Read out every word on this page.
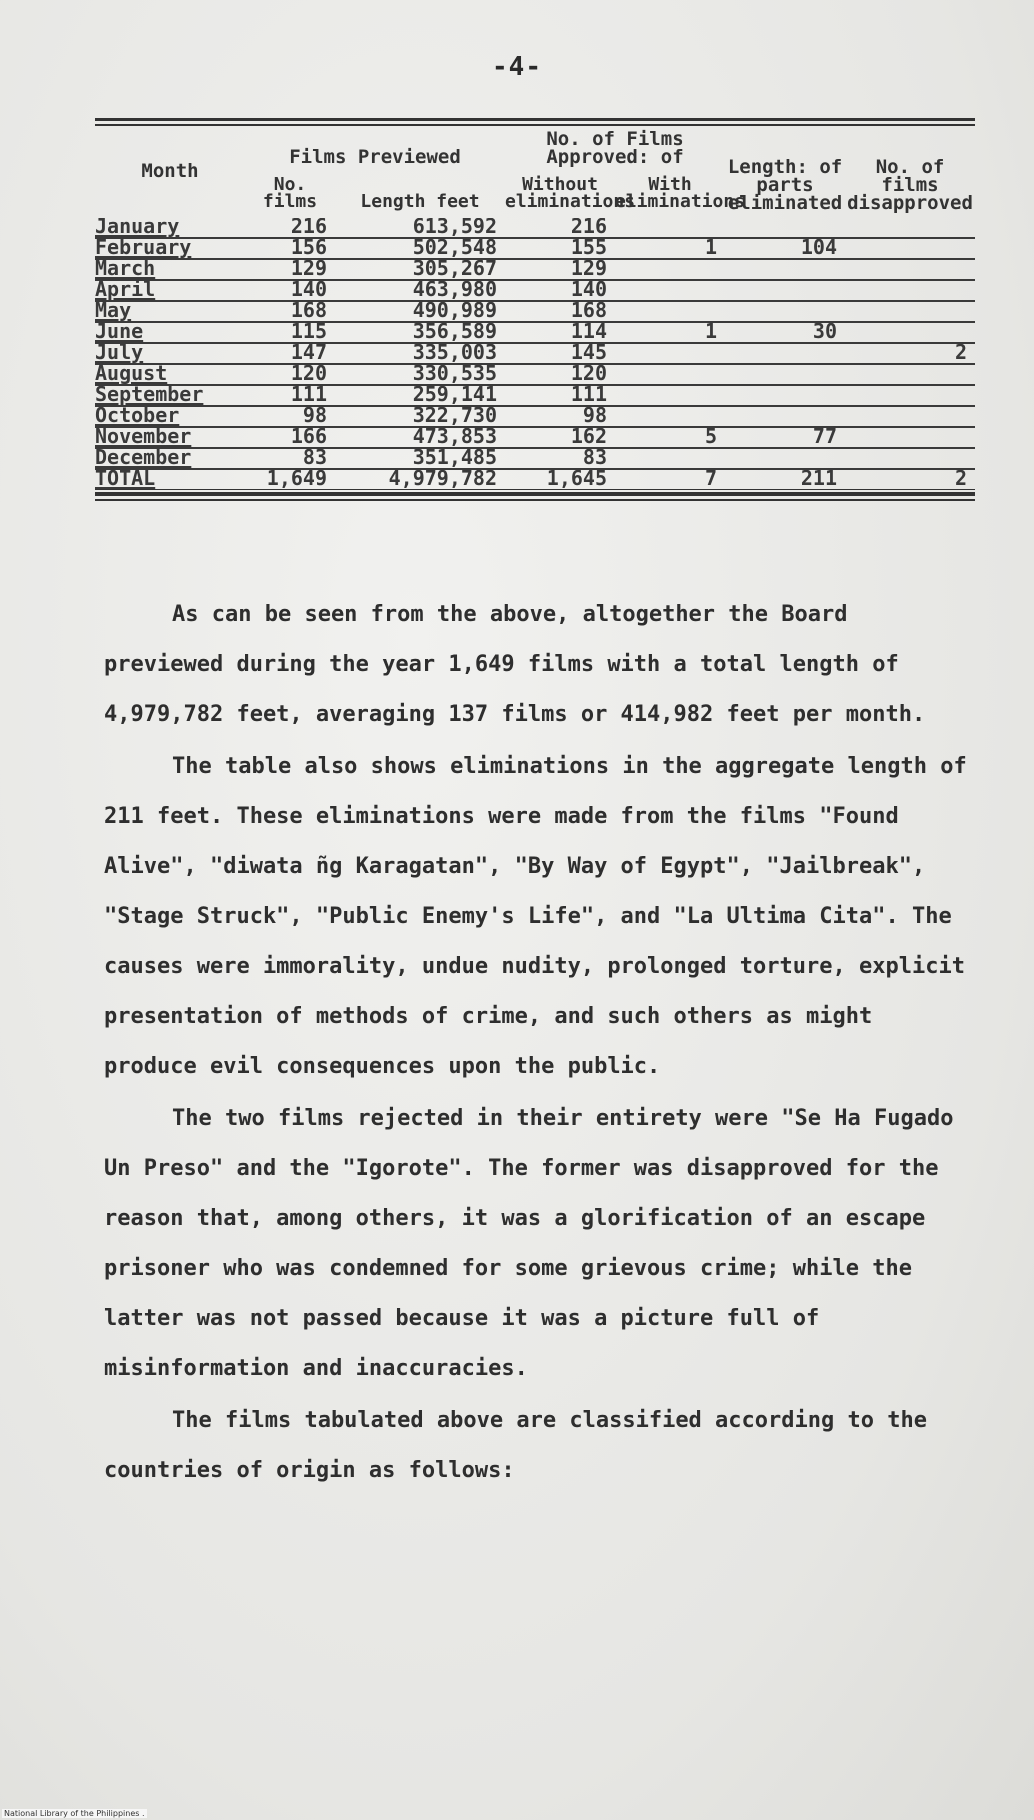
-4-
Month	Films Previewed		No. of Films Approved: of		Length: of parts eliminated	No. of films disapproved
	No. films	Length feet	Without eliminations	With eliminations		
January	216	613,592	216			
February	156	502,548	155	1	104	
March	129	305,267	129			
April	140	463,980	140			
May	168	490,989	168			
June	115	356,589	114	1	30	
July	147	335,003	145			2
August	120	330,535	120			
September	111	259,141	111			
October	98	322,730	98			
November	166	473,853	162	5	77	
December	83	351,485	83			
TOTAL	1,649	4,979,782	1,645	7	211	2

As can be seen from the above, altogether the Board previewed during the year 1,649 films with a total length of 4,979,782 feet, averaging 137 films or 414,982 feet per month.

The table also shows eliminations in the aggregate length of 211 feet. These eliminations were made from the films "Found Alive", "diwata ñg Karagatan", "By Way of Egypt", "Jailbreak", "Stage Struck", "Public Enemy's Life", and "La Ultima Cita". The causes were immorality, undue nudity, prolonged torture, explicit presentation of methods of crime, and such others as might produce evil consequences upon the public.

The two films rejected in their entirety were "Se Ha Fugado Un Preso" and the "Igorote". The former was disapproved for the reason that, among others, it was a glorification of an escape prisoner who was condemned for some grievous crime; while the latter was not passed because it was a picture full of misinformation and inaccuracies.

The films tabulated above are classified according to the countries of origin as follows:

National Library of the Philippines .
